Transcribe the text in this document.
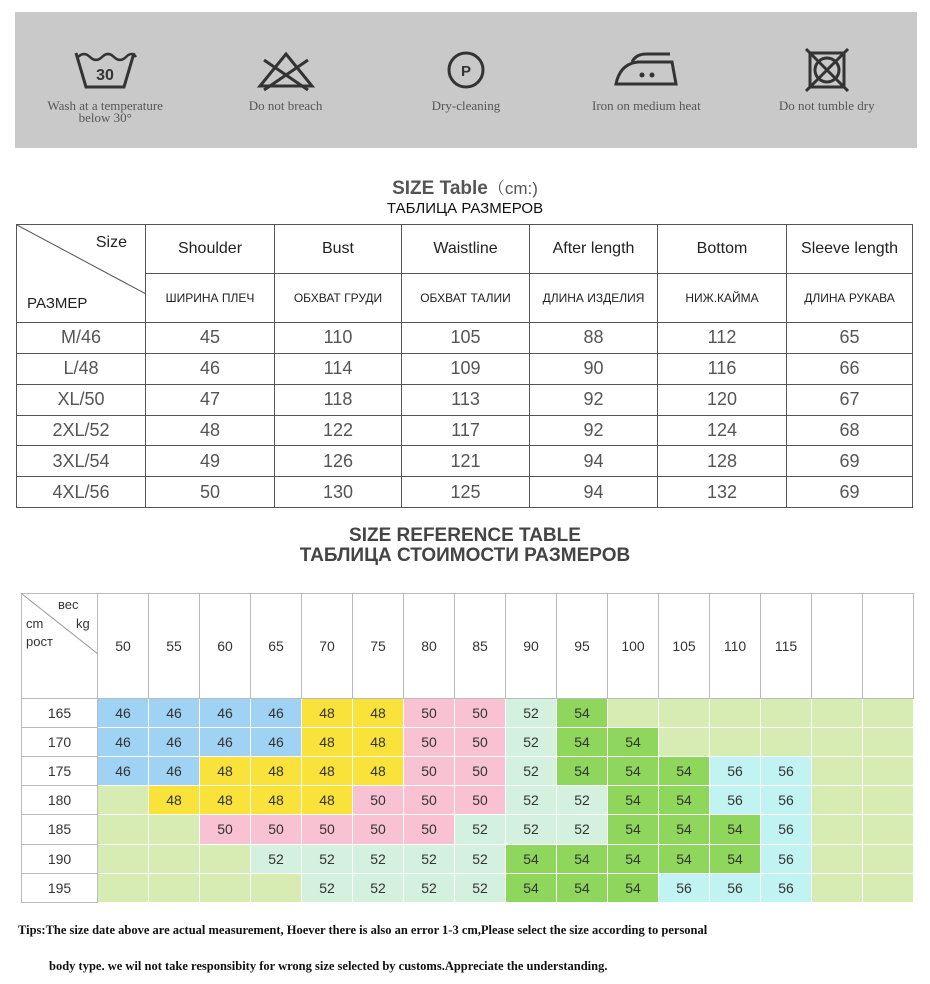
30
Wash at a temperature
below 30°
Do not breach
P
Dry-cleaning	Iron on medium heat	Do not tumble dry
SIZE Table（cm:)
ТАБЛИЦА РАЗМЕРОВ
Size
РАЗМЕР	Shoulder	Bust	Waistline	After length	Bottom	Sleeve length
	ШИРИНА ПЛЕЧ	ОБХВАТ ГРУДИ	ОБХВАТ ТАЛИИ	ДЛИНА ИЗДЕЛИЯ	НИЖ.КАЙМА	ДЛИНА РУКАВА
M/46	45	110	105	88	112	65
L/48	46	114	109	90	116	66
XL/50	47	118	113	92	120	67
2XL/52	48	122	117	92	124	68
3XL/54	49	126	121	94	128	69
4XL/56	50	130	125	94	132	69
SIZE REFERENCE TABLE
ТАБЛИЦА СТОИМОСТИ РАЗМЕРОВ
вес
cm kg
рост	50	55	60	65	70	75	80	85	90	95	100	105	110	115		
165	46	46	46	46	48	48	50	50	52	54						
170	46	46	46	46	48	48	50	50	52	54	54					
175	46	46	48	48	48	48	50	50	52	54	54	54	56	56		
180		48	48	48	48	50	50	50	52	52	54	54	56	56		
185			50	50	50	50	50	52	52	52	54	54	54	56		
190				52	52	52	52	52	54	54	54	54	54	56		
195					52	52	52	52	54	54	54	56	56	56		
Tips:The size date above are actual measurement, Hoever there is also an error 1-3 cm,Please select the size according to personal
body type. we wil not take responsibity for wrong size selected by customs.Appreciate the understanding.
